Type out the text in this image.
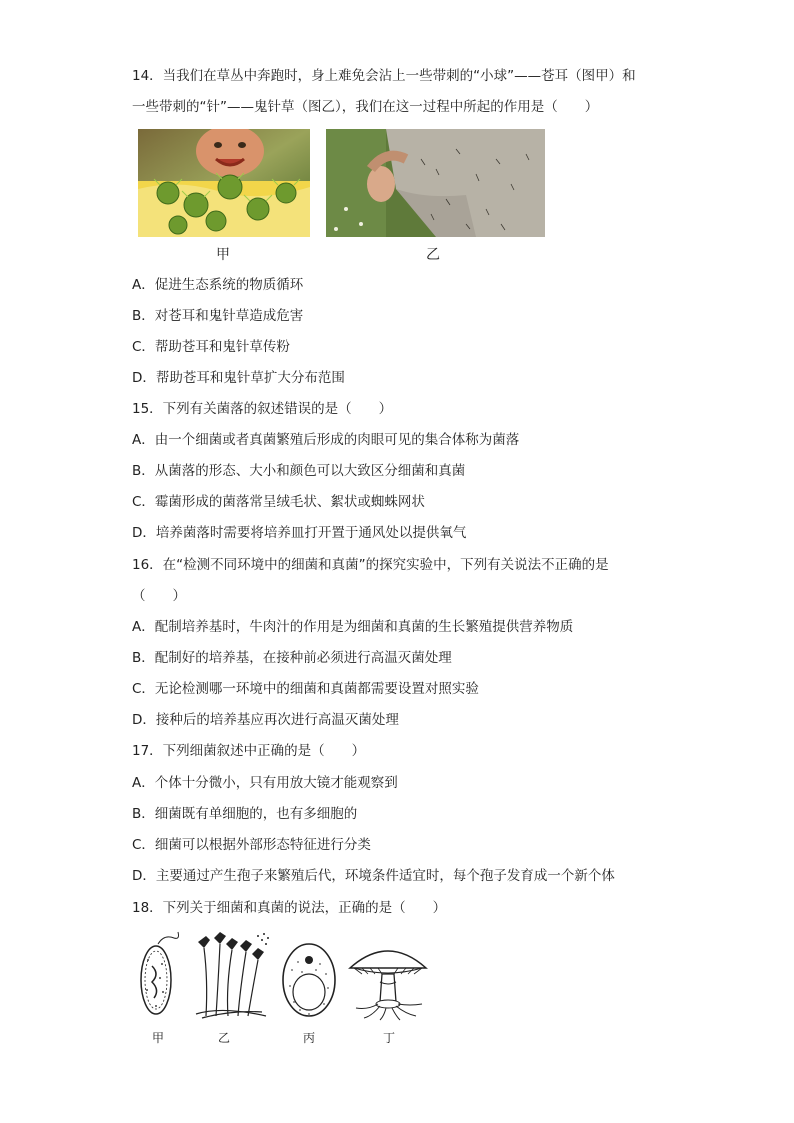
14．当我们在草丛中奔跑时，身上难免会沾上一些带刺的“小球”——苍耳（图甲）和
一些带刺的“针”——鬼针草（图乙），我们在这一过程中所起的作用是（　　）
甲	乙
A．促进生态系统的物质循环
B．对苍耳和鬼针草造成危害
C．帮助苍耳和鬼针草传粉
D．帮助苍耳和鬼针草扩大分布范围
15．下列有关菌落的叙述错误的是（　　）
A．由一个细菌或者真菌繁殖后形成的肉眼可见的集合体称为菌落
B．从菌落的形态、大小和颜色可以大致区分细菌和真菌
C．霉菌形成的菌落常呈绒毛状、絮状或蜘蛛网状
D．培养菌落时需要将培养皿打开置于通风处以提供氧气
16．在“检测不同环境中的细菌和真菌”的探究实验中，下列有关说法不正确的是
（　　）
A．配制培养基时，牛肉汁的作用是为细菌和真菌的生长繁殖提供营养物质
B．配制好的培养基，在接种前必须进行高温灭菌处理
C．无论检测哪一环境中的细菌和真菌都需要设置对照实验
D．接种后的培养基应再次进行高温灭菌处理
17．下列细菌叙述中正确的是（　　）
A．个体十分微小，只有用放大镜才能观察到
B．细菌既有单细胞的，也有多细胞的
C．细菌可以根据外部形态特征进行分类
D．主要通过产生孢子来繁殖后代，环境条件适宜时，每个孢子发育成一个新个体
18．下列关于细菌和真菌的说法，正确的是（　　）
甲	乙	丙	丁
